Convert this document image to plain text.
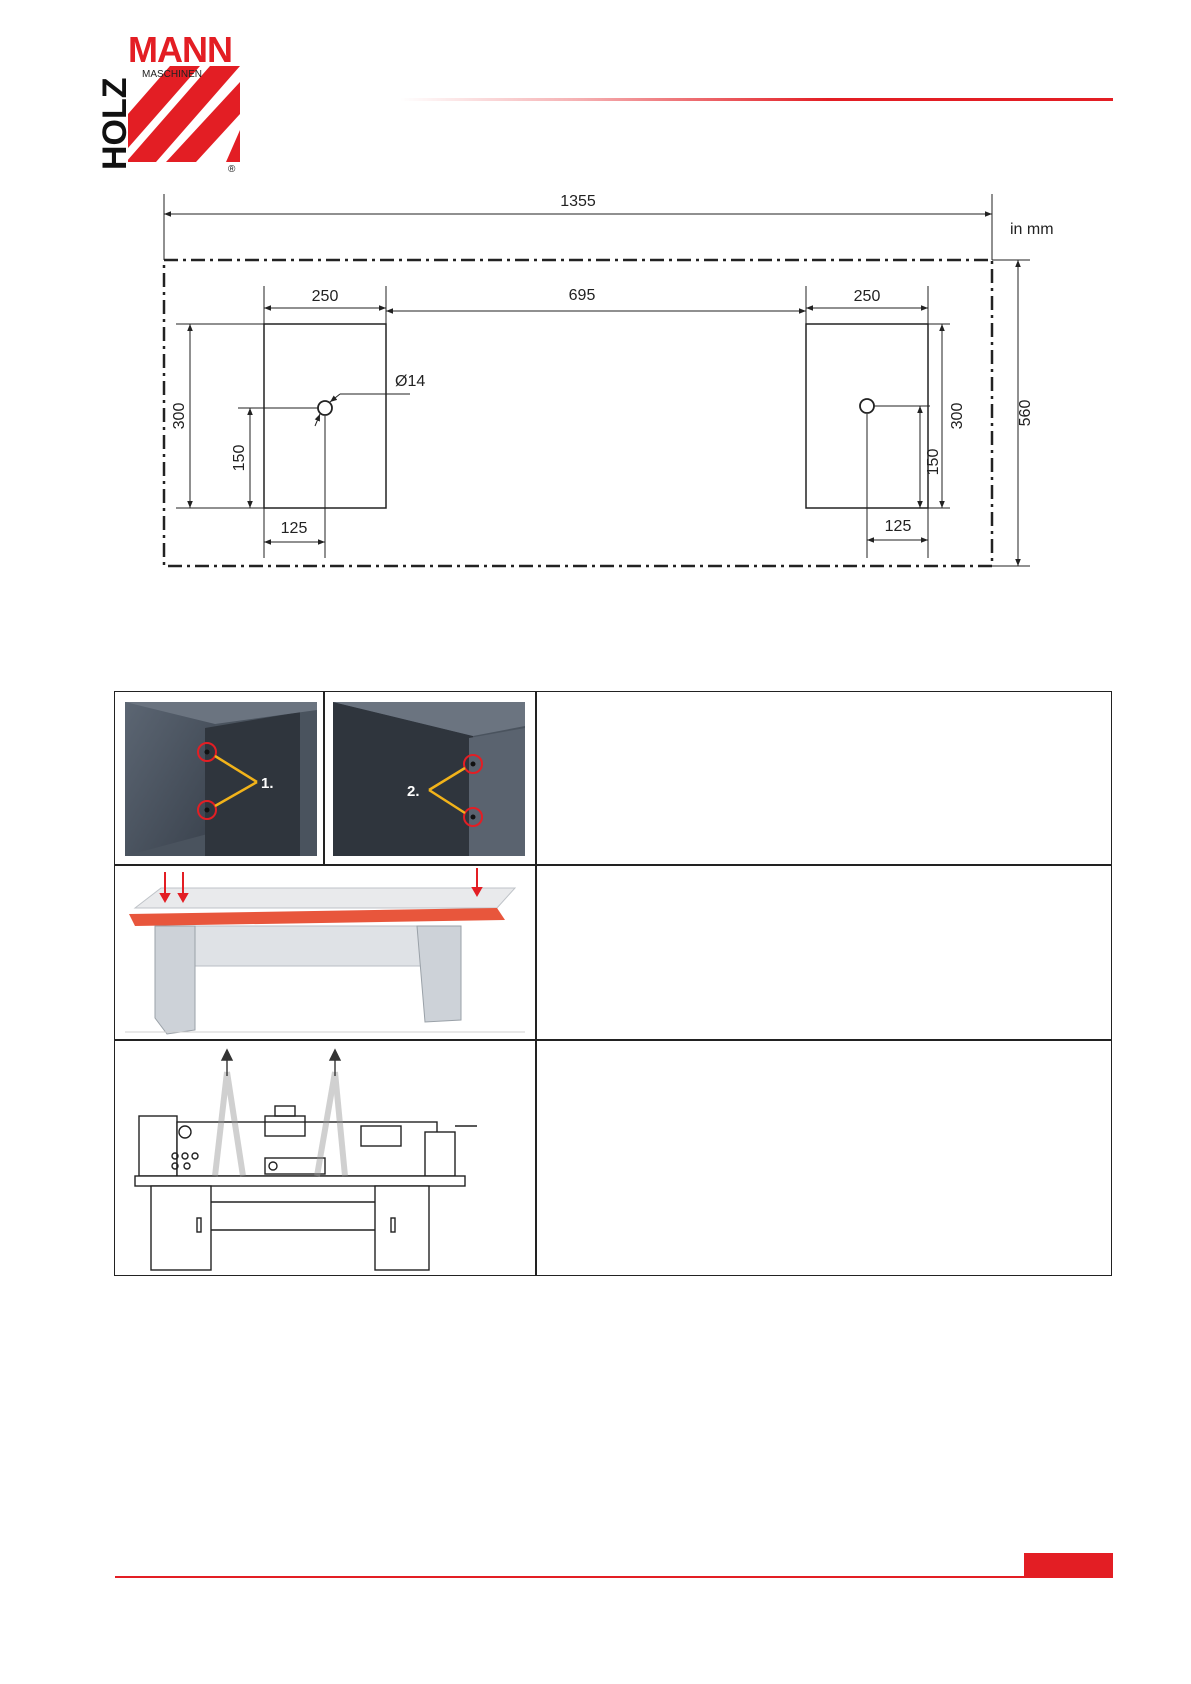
MANN
MASCHINEN
HOLZ	®
1355
in mm
250	695	250
Ø14
300
150
125
300
150
125
560
1.	2.
